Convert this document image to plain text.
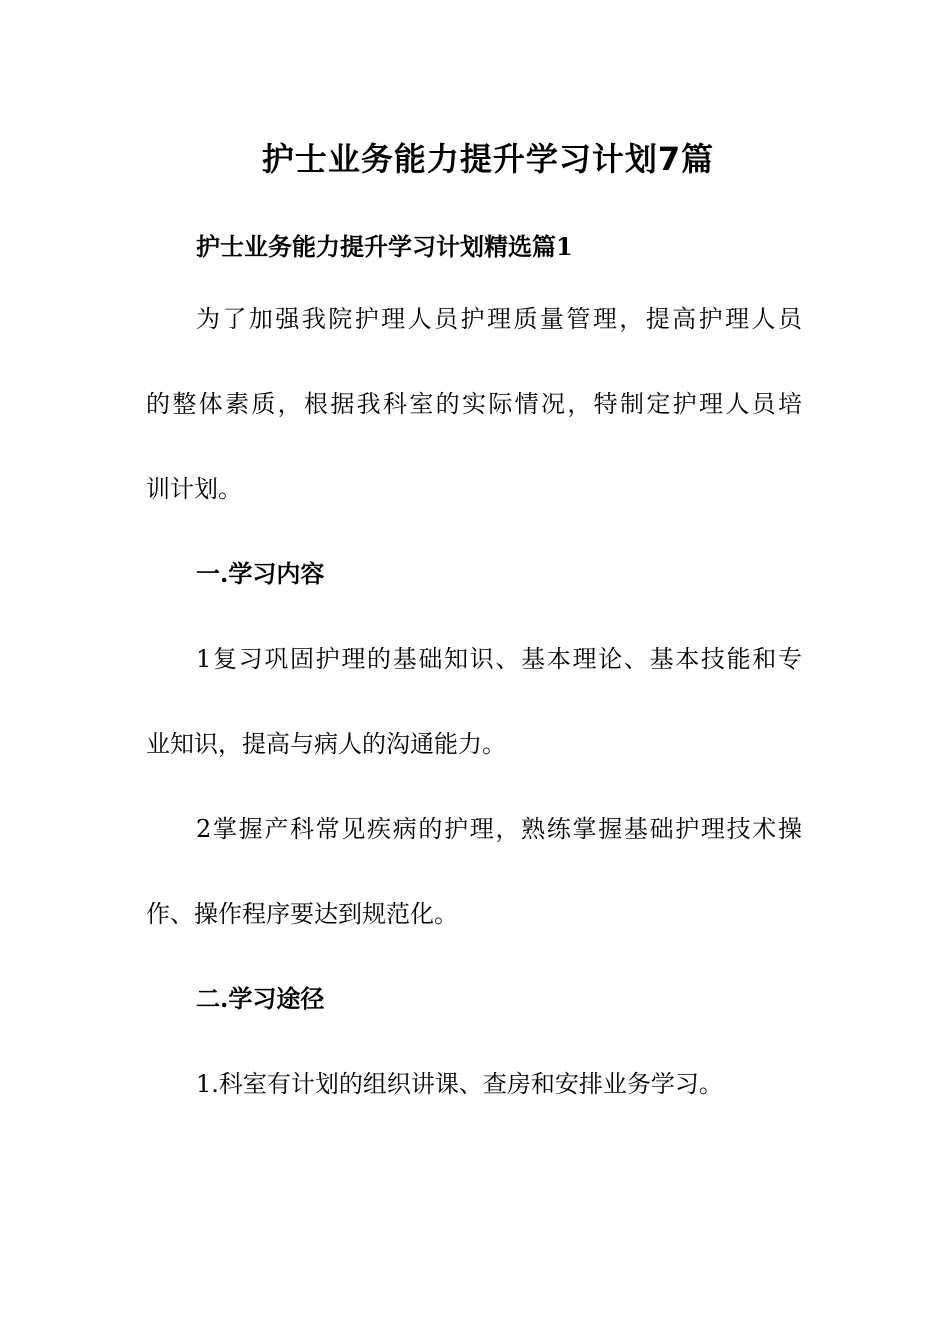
护士业务能力提升学习计划7篇
护士业务能力提升学习计划精选篇1
为了加强我院护理人员护理质量管理，提高护理人员
的整体素质，根据我科室的实际情况，特制定护理人员培
训计划。
一.学习内容
1复习巩固护理的基础知识、基本理论、基本技能和专
业知识，提高与病人的沟通能力。
2掌握产科常见疾病的护理，熟练掌握基础护理技术操
作、操作程序要达到规范化。
二.学习途径
1.科室有计划的组织讲课、查房和安排业务学习。
